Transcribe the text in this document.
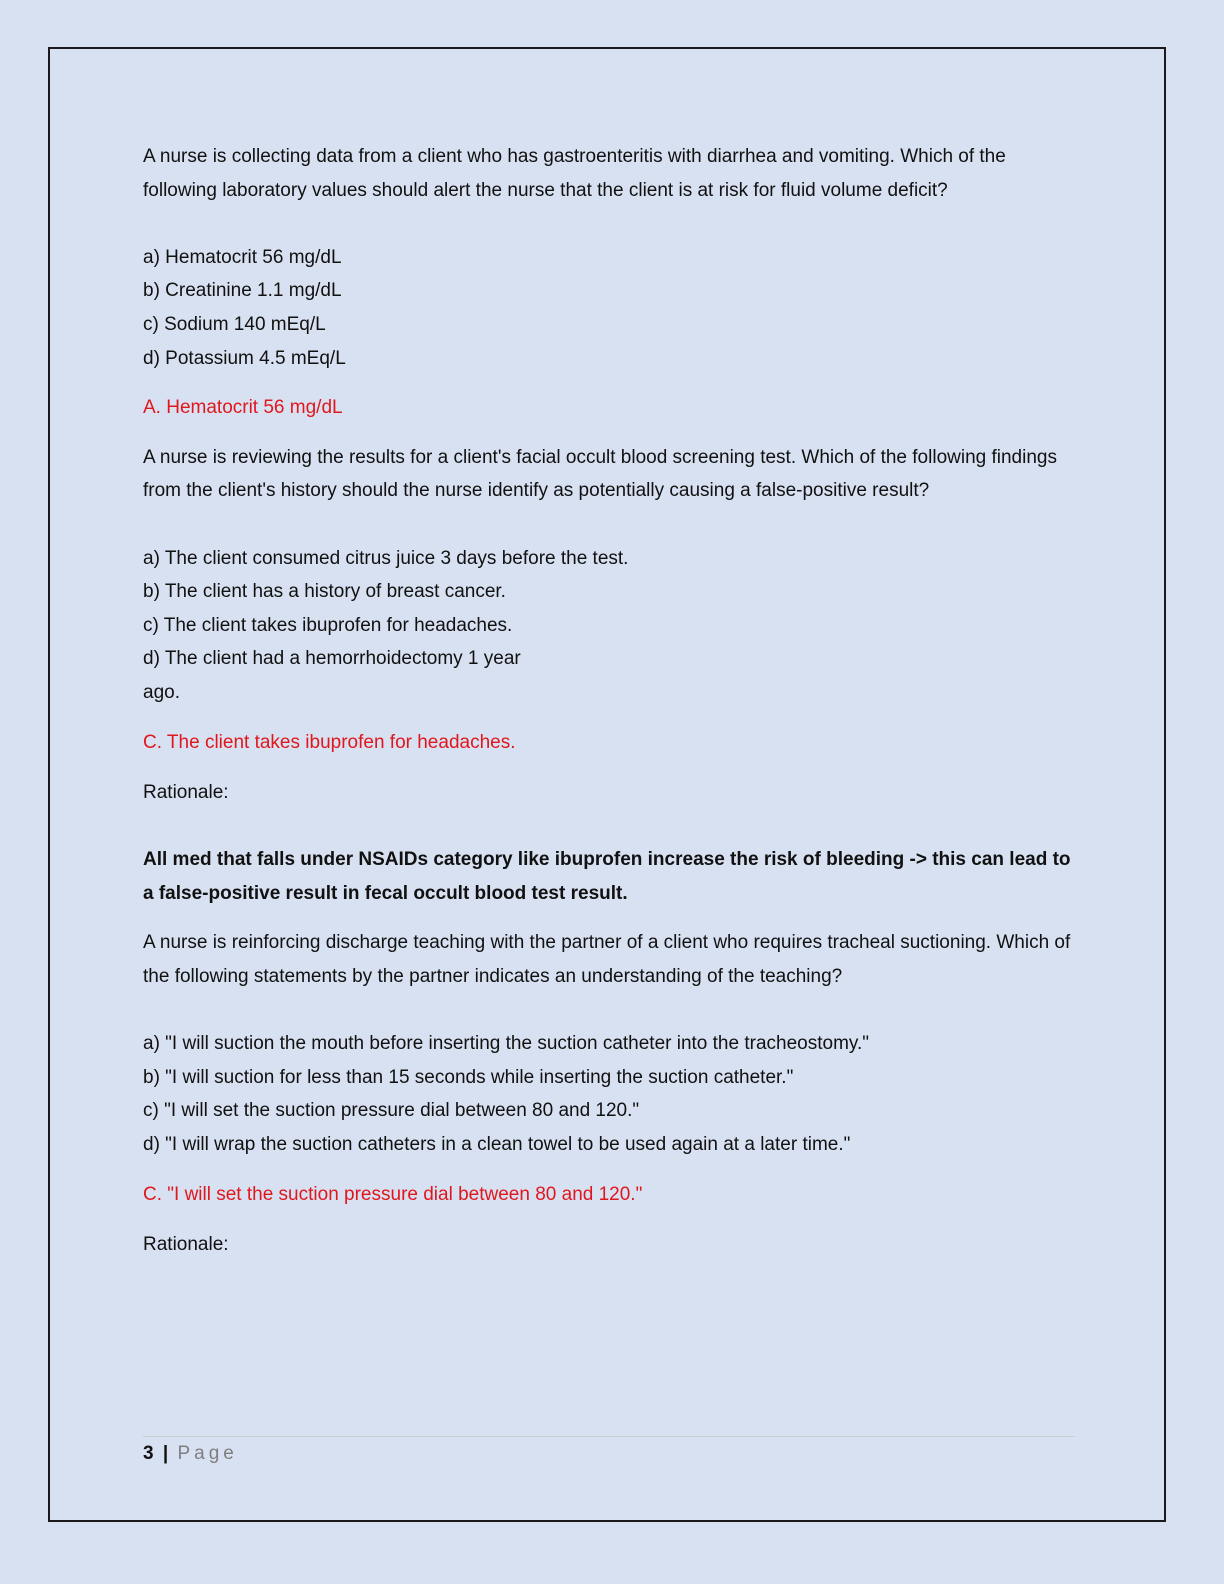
A nurse is collecting data from a client who has gastroenteritis with diarrhea and vomiting. Which of the following laboratory values should alert the nurse that the client is at risk for fluid volume deficit?

a) Hematocrit 56 mg/dL

b) Creatinine 1.1 mg/dL

c) Sodium 140 mEq/L

d) Potassium 4.5 mEq/L

A. Hematocrit 56 mg/dL

A nurse is reviewing the results for a client's facial occult blood screening test. Which of the following findings from the client's history should the nurse identify as potentially causing a false-positive result?

a) The client consumed citrus juice 3 days before the test.

b) The client has a history of breast cancer.

c) The client takes ibuprofen for headaches.

d) The client had a hemorrhoidectomy 1 year

ago.

C. The client takes ibuprofen for headaches.

Rationale:

All med that falls under NSAIDs category like ibuprofen increase the risk of bleeding -> this can lead to a false-positive result in fecal occult blood test result.

A nurse is reinforcing discharge teaching with the partner of a client who requires tracheal suctioning. Which of the following statements by the partner indicates an understanding of the teaching?

a) "I will suction the mouth before inserting the suction catheter into the tracheostomy."

b) "I will suction for less than 15 seconds while inserting the suction catheter."

c) "I will set the suction pressure dial between 80 and 120."

d) "I will wrap the suction catheters in a clean towel to be used again at a later time."

C. "I will set the suction pressure dial between 80 and 120."

Rationale:

3 | Page
